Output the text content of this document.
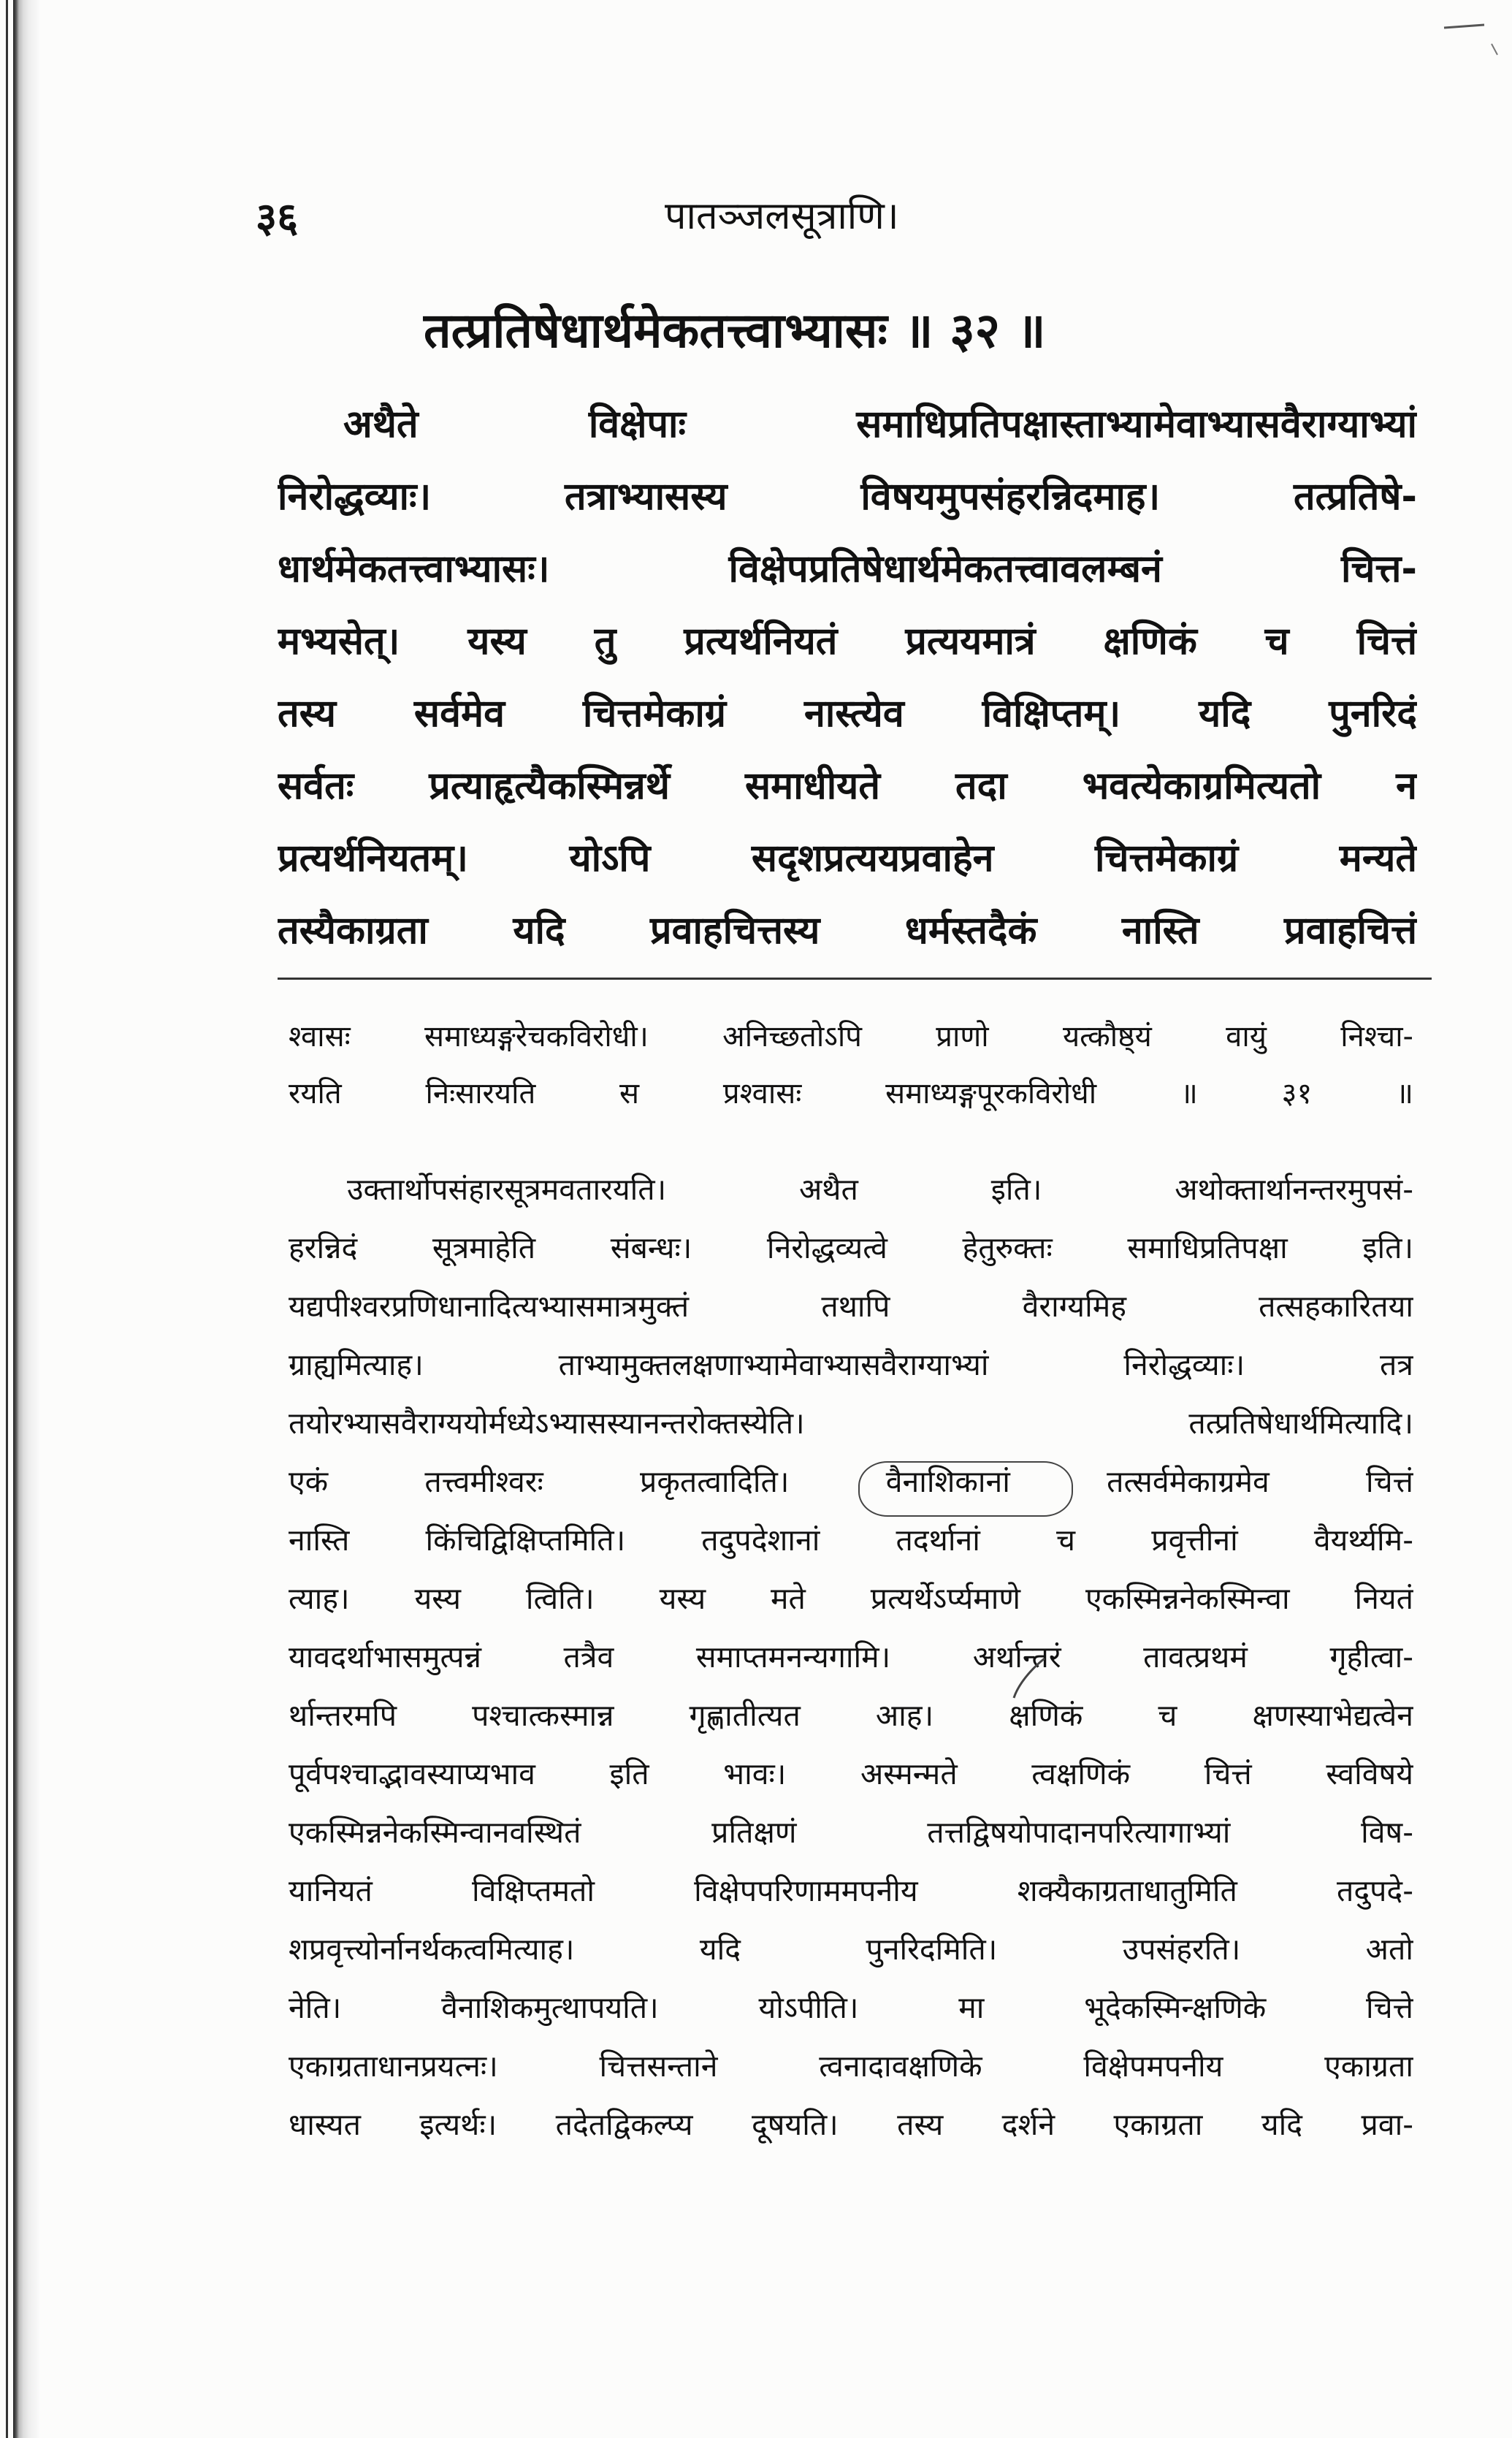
३६	पातञ्जलसूत्राणि।
तत्प्रतिषेधार्थमेकतत्त्वाभ्यासः ॥ ३२ ॥
अथैते विक्षेपाः समाधिप्रतिपक्षास्ताभ्यामेवाभ्यासवैराग्याभ्यां
निरोद्धव्याः। तत्राभ्यासस्य विषयमुपसंहरन्निदमाह। तत्प्रतिषे-
धार्थमेकतत्त्वाभ्यासः। विक्षेपप्रतिषेधार्थमेकतत्त्वावलम्बनं चित्त-
मभ्यसेत्। यस्य तु प्रत्यर्थनियतं प्रत्ययमात्रं क्षणिकं च चित्तं
तस्य सर्वमेव चित्तमेकाग्रं नास्त्येव विक्षिप्तम्। यदि पुनरिदं
सर्वतः प्रत्याहृत्यैकस्मिन्नर्थे समाधीयते तदा भवत्येकाग्रमित्यतो न
प्रत्यर्थनियतम्। योऽपि सदृशप्रत्ययप्रवाहेन चित्तमेकाग्रं मन्यते
तस्यैकाग्रता यदि प्रवाहचित्तस्य धर्मस्तदैकं नास्ति प्रवाहचित्तं
श्वासः समाध्यङ्गरेचकविरोधी। अनिच्छतोऽपि प्राणो यत्कौष्ठ्यं वायुं निश्चा-
रयति निःसारयति स प्रश्वासः समाध्यङ्गपूरकविरोधी ॥ ३१ ॥
उक्तार्थोपसंहारसूत्रमवतारयति। अथैत इति। अथोक्तार्थानन्तरमुपसं-
हरन्निदं सूत्रमाहेति संबन्धः। निरोद्धव्यत्वे हेतुरुक्तः समाधिप्रतिपक्षा इति।
यद्यपीश्वरप्रणिधानादित्यभ्यासमात्रमुक्तं तथापि वैराग्यमिह तत्सहकारितया
ग्राह्यमित्याह। ताभ्यामुक्तलक्षणाभ्यामेवाभ्यासवैराग्याभ्यां निरोद्धव्याः। तत्र
तयोरभ्यासवैराग्ययोर्मध्येऽभ्यासस्यानन्तरोक्तस्येति। तत्प्रतिषेधार्थमित्यादि।
एकं तत्त्वमीश्वरः प्रकृतत्वादिति। वैनाशिकानां तत्सर्वमेकाग्रमेव चित्तं
नास्ति किंचिद्विक्षिप्तमिति। तदुपदेशानां तदर्थानां च प्रवृत्तीनां वैयर्थ्यमि-
त्याह। यस्य त्विति। यस्य मते प्रत्यर्थेऽर्प्यमाणे एकस्मिन्ननेकस्मिन्वा नियतं
यावदर्थाभासमुत्पन्नं तत्रैव समाप्तमनन्यगामि। अर्थान्तरं तावत्प्रथमं गृहीत्वा-
र्थान्तरमपि पश्चात्कस्मान्न गृह्णातीत्यत आह। क्षणिकं च क्षणस्याभेद्यत्वेन
पूर्वपश्चाद्भावस्याप्यभाव इति भावः। अस्मन्मते त्वक्षणिकं चित्तं स्वविषये
एकस्मिन्ननेकस्मिन्वानवस्थितं प्रतिक्षणं तत्तद्विषयोपादानपरित्यागाभ्यां विष-
यानियतं विक्षिप्तमतो विक्षेपपरिणाममपनीय शक्यैकाग्रताधातुमिति तदुपदे-
शप्रवृत्त्योर्नानर्थकत्वमित्याह। यदि पुनरिदमिति। उपसंहरति। अतो
नेति। वैनाशिकमुत्थापयति। योऽपीति। मा भूदेकस्मिन्क्षणिके चित्ते
एकाग्रताधानप्रयत्नः। चित्तसन्ताने त्वनादावक्षणिके विक्षेपमपनीय एकाग्रता
धास्यत इत्यर्थः। तदेतद्विकल्प्य दूषयति। तस्य दर्शने एकाग्रता यदि प्रवा-
